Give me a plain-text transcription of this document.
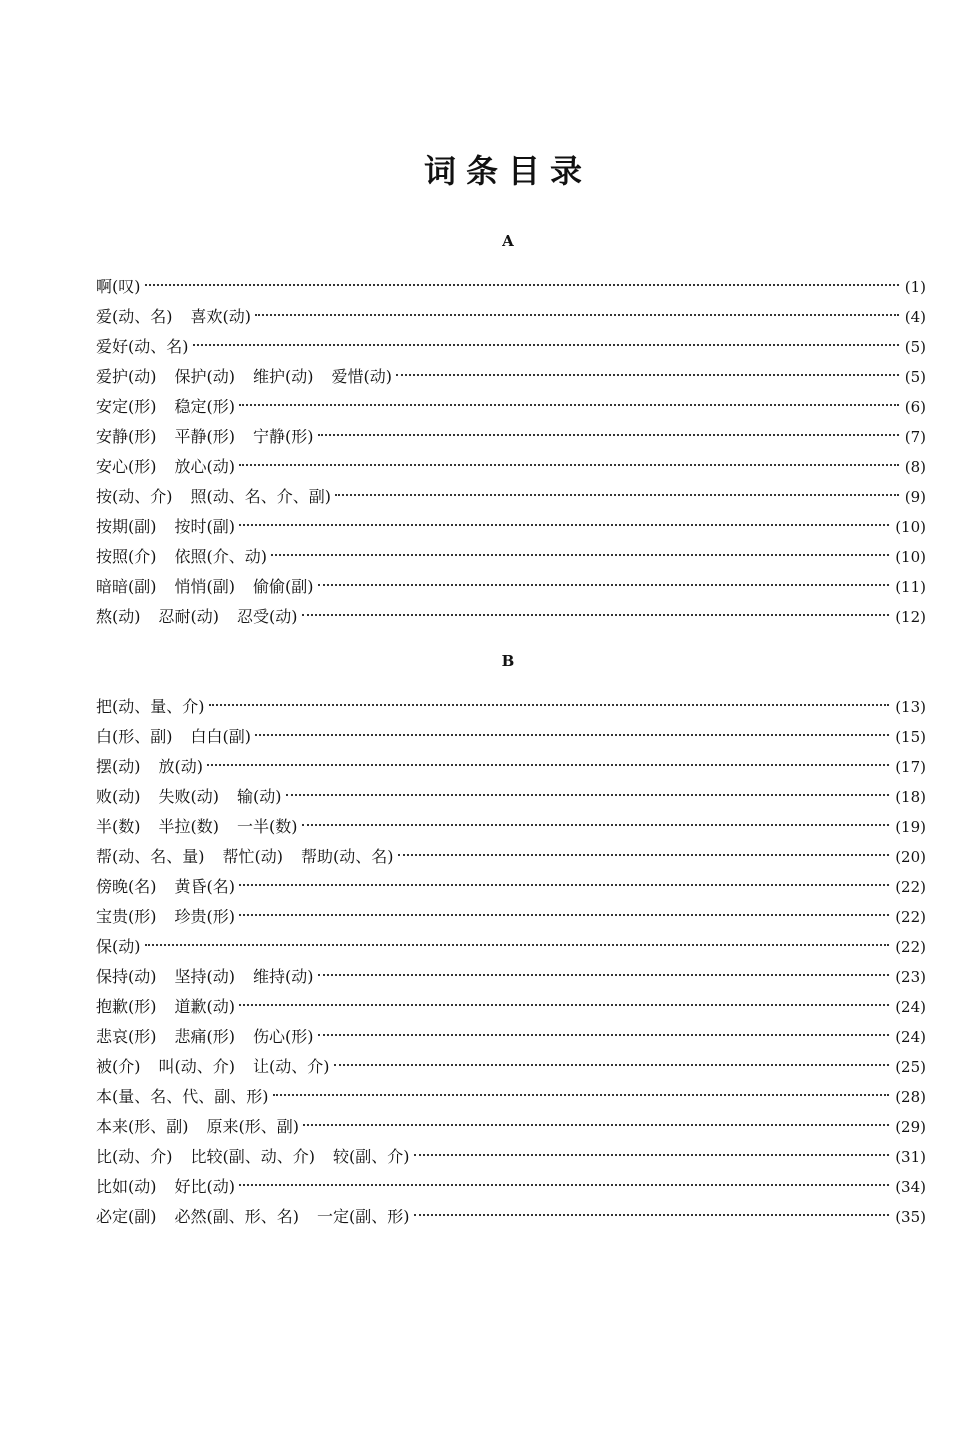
词条目录
A
啊(叹)	(1)
爱(动、名) 喜欢(动)	(4)
爱好(动、名)	(5)
爱护(动) 保护(动) 维护(动) 爱惜(动)	(5)
安定(形) 稳定(形)	(6)
安静(形) 平静(形) 宁静(形)	(7)
安心(形) 放心(动)	(8)
按(动、介) 照(动、名、介、副)	(9)
按期(副) 按时(副)	(10)
按照(介) 依照(介、动)	(10)
暗暗(副) 悄悄(副) 偷偷(副)	(11)
熬(动) 忍耐(动) 忍受(动)	(12)
B
把(动、量、介)	(13)
白(形、副) 白白(副)	(15)
摆(动) 放(动)	(17)
败(动) 失败(动) 输(动)	(18)
半(数) 半拉(数) 一半(数)	(19)
帮(动、名、量) 帮忙(动) 帮助(动、名)	(20)
傍晚(名) 黄昏(名)	(22)
宝贵(形) 珍贵(形)	(22)
保(动)	(22)
保持(动) 坚持(动) 维持(动)	(23)
抱歉(形) 道歉(动)	(24)
悲哀(形) 悲痛(形) 伤心(形)	(24)
被(介) 叫(动、介) 让(动、介)	(25)
本(量、名、代、副、形)	(28)
本来(形、副) 原来(形、副)	(29)
比(动、介) 比较(副、动、介) 较(副、介)	(31)
比如(动) 好比(动)	(34)
必定(副) 必然(副、形、名) 一定(副、形)	(35)
